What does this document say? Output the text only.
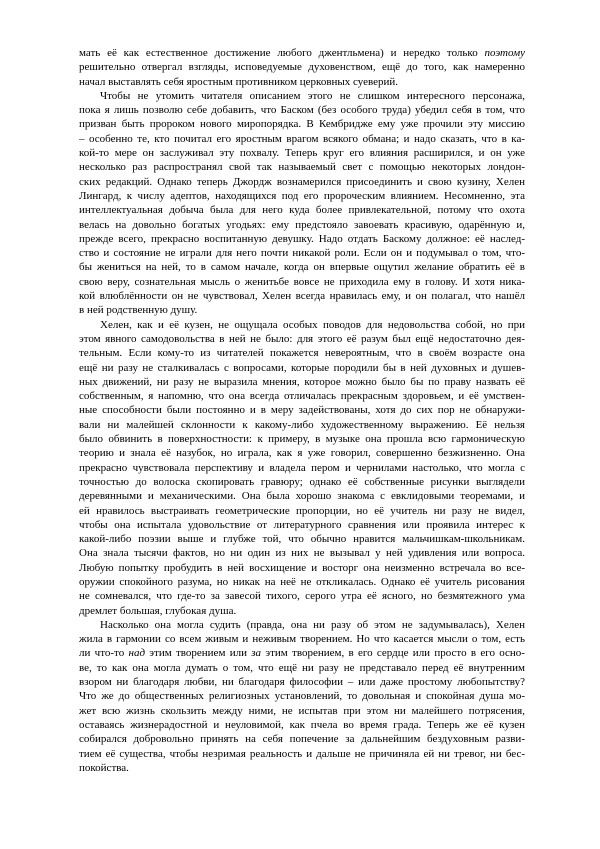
мать её как естественное достижение любого джентльмена) и нередко только поэтому
решительно отвергал взгляды, исповедуемые духовенством, ещё до того, как намеренно
начал выставлять себя яростным противником церковных суеверий.
Чтобы не утомить читателя описанием этого не слишком интересного персонажа,
пока я лишь позволю себе добавить, что Баском (без особого труда) убедил себя в том, что
призван быть пророком нового миропорядка. В Кембридже ему уже прочили эту миссию
– особенно те, кто почитал его яростным врагом всякого обмана; и надо сказать, что в ка-
кой-то мере он заслуживал эту похвалу. Теперь круг его влияния расширился, и он уже
несколько раз распространял свой так называемый свет с помощью некоторых лондон-
ских редакций. Однако теперь Джордж вознамерился присоединить и свою кузину, Хелен
Лингард, к числу адептов, находящихся под его пророческим влиянием. Несомненно, эта
интеллектуальная добыча была для него куда более привлекательной, потому что охота
велась на довольно богатых угодьях: ему предстояло завоевать красивую, одарённую и,
прежде всего, прекрасно воспитанную девушку. Надо отдать Баскому должное: её наслед-
ство и состояние не играли для него почти никакой роли. Если он и подумывал о том, что-
бы жениться на ней, то в самом начале, когда он впервые ощутил желание обратить её в
свою веру, сознательная мысль о женитьбе вовсе не приходила ему в голову. И хотя ника-
кой влюблённости он не чувствовал, Хелен всегда нравилась ему, и он полагал, что нашёл
в ней родственную душу.
Хелен, как и её кузен, не ощущала особых поводов для недовольства собой, но при
этом явного самодовольства в ней не было: для этого её разум был ещё недостаточно дея-
тельным. Если кому-то из читателей покажется невероятным, что в своём возрасте она
ещё ни разу не сталкивалась с вопросами, которые породили бы в ней духовных и душев-
ных движений, ни разу не выразила мнения, которое можно было бы по праву назвать её
собственным, я напомню, что она всегда отличалась прекрасным здоровьем, и её умствен-
ные способности были постоянно и в меру задействованы, хотя до сих пор не обнаружи-
вали ни малейшей склонности к какому-либо художественному выражению. Её нельзя
было обвинить в поверхностности: к примеру, в музыке она прошла всю гармоническую
теорию и знала её назубок, но играла, как я уже говорил, совершенно безжизненно. Она
прекрасно чувствовала перспективу и владела пером и чернилами настолько, что могла с
точностью до волоска скопировать гравюру; однако её собственные рисунки выглядели
деревянными и механическими. Она была хорошо знакома с евклидовыми теоремами, и
ей нравилось выстраивать геометрические пропорции, но её учитель ни разу не видел,
чтобы она испытала удовольствие от литературного сравнения или проявила интерес к
какой-либо поэзии выше и глубже той, что обычно нравится мальчишкам-школьникам.
Она знала тысячи фактов, но ни один из них не вызывал у ней удивления или вопроса.
Любую попытку пробудить в ней восхищение и восторг она неизменно встречала во все-
оружии спокойного разума, но никак на неё не откликалась. Однако её учитель рисования
не сомневался, что где-то за завесой тихого, серого утра её ясного, но безмятежного ума
дремлет большая, глубокая душа.
Насколько она могла судить (правда, она ни разу об этом не задумывалась), Хелен
жила в гармонии со всем живым и неживым творением. Но что касается мысли о том, есть
ли что-то над этим творением или за этим творением, в его сердце или просто в его осно-
ве, то как она могла думать о том, что ещё ни разу не представало перед её внутренним
взором ни благодаря любви, ни благодаря философии – или даже простому любопытству?
Что же до общественных религиозных установлений, то довольная и спокойная душа мо-
жет всю жизнь скользить между ними, не испытав при этом ни малейшего потрясения,
оставаясь жизнерадостной и неуловимой, как пчела во время града. Теперь же её кузен
собирался добровольно принять на себя попечение за дальнейшим бездуховным разви-
тием её существа, чтобы незримая реальность и дальше не причиняла ей ни тревог, ни бес-
покойства.
